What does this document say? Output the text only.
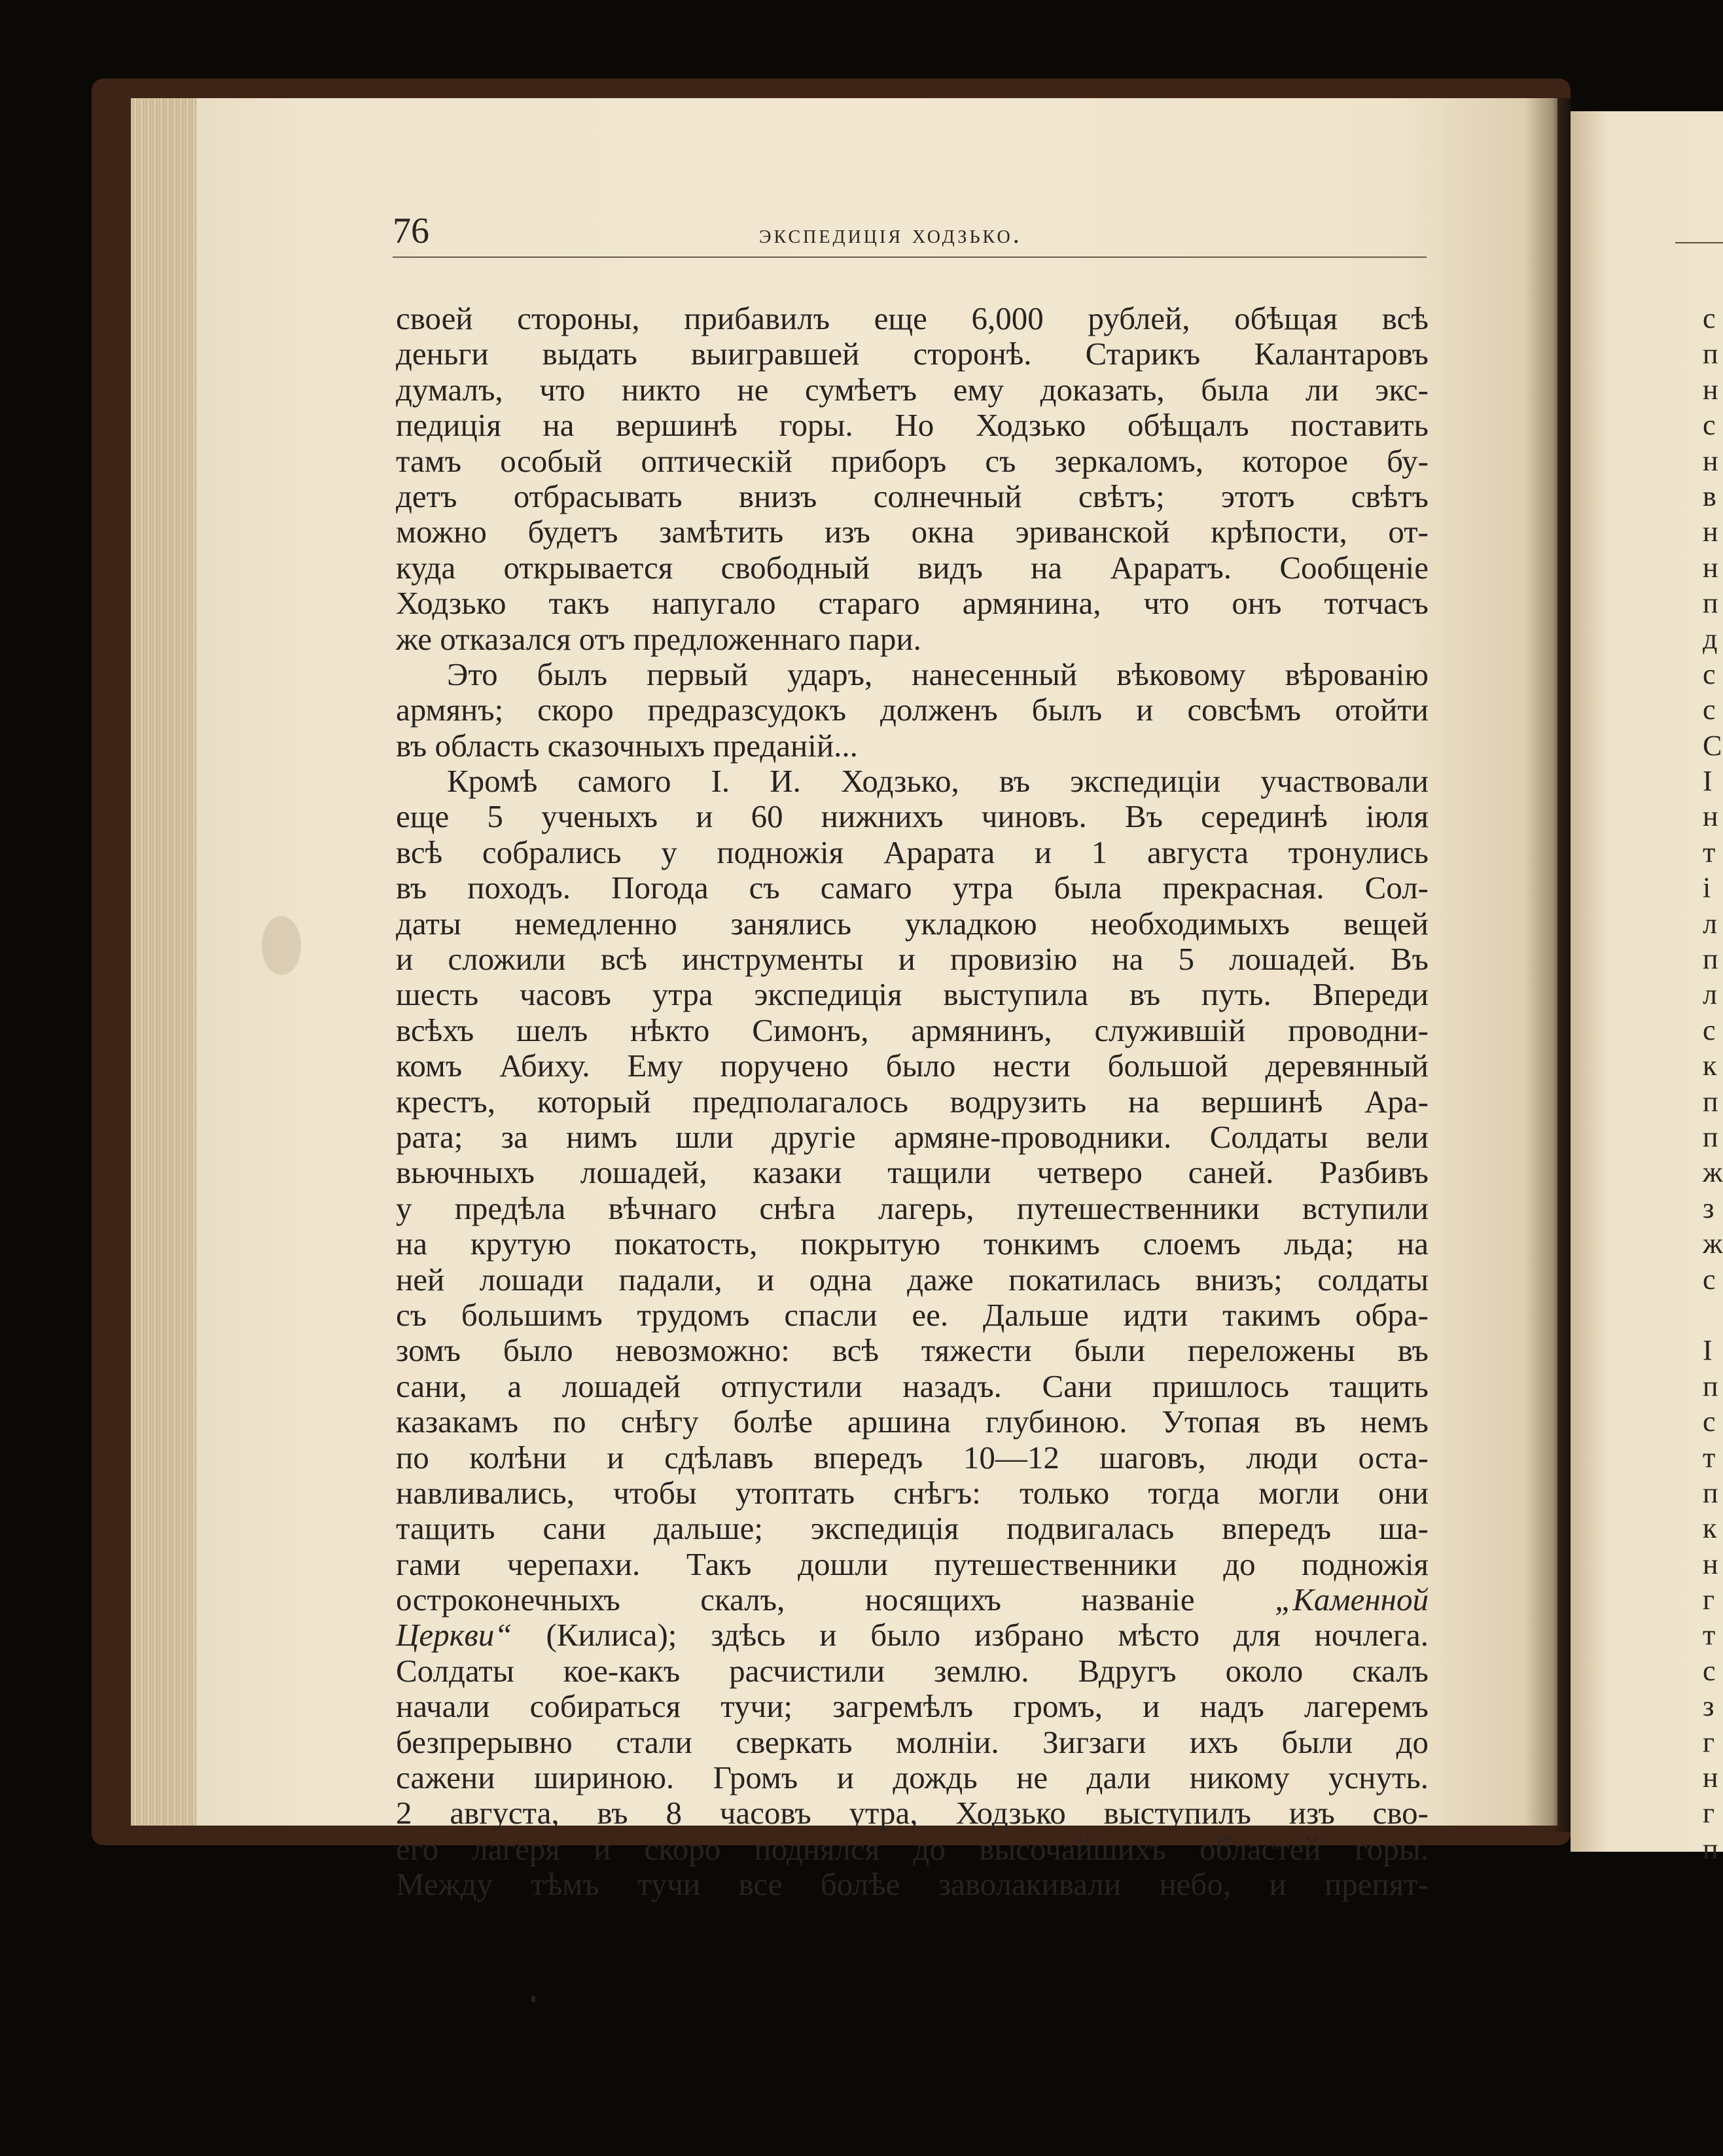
с
п
н
с
н
в
н
н
п
д
с
с
С
І
н
т
і
л
п
л
с
к
п
п
ж
з
ж
с
І
п
с
т
п
к
н
г
т
с
з
г
н
г
п
76	экспедиція ходзько.
своей стороны, прибавилъ еще 6,000 рублей, обѣщая всѣ
деньги выдать выигравшей сторонѣ. Старикъ Калантаровъ
думалъ, что никто не сумѣетъ ему доказать, была ли экс-
педиція на вершинѣ горы. Но Ходзько обѣщалъ поставить
тамъ особый оптическій приборъ съ зеркаломъ, которое бу-
детъ отбрасывать внизъ солнечный свѣтъ; этотъ свѣтъ
можно будетъ замѣтить изъ окна эриванской крѣпости, от-
куда открывается свободный видъ на Араратъ. Сообщеніе
Ходзько такъ напугало стараго армянина, что онъ тотчасъ
же отказался отъ предложеннаго пари.
Это былъ первый ударъ, нанесенный вѣковому вѣрованію
армянъ; скоро предразсудокъ долженъ былъ и совсѣмъ отойти
въ область сказочныхъ преданій...
Кромѣ самого I. И. Ходзько, въ экспедиціи участвовали
еще 5 ученыхъ и 60 нижнихъ чиновъ. Въ серединѣ іюля
всѣ собрались у подножія Арарата и 1 августа тронулись
въ походъ. Погода съ самаго утра была прекрасная. Сол-
даты немедленно занялись укладкою необходимыхъ вещей
и сложили всѣ инструменты и провизію на 5 лошадей. Въ
шесть часовъ утра экспедиція выступила въ путь. Впереди
всѣхъ шелъ нѣкто Симонъ, армянинъ, служившій проводни-
комъ Абиху. Ему поручено было нести большой деревянный
крестъ, который предполагалось водрузить на вершинѣ Ара-
рата; за нимъ шли другіе армяне-проводники. Солдаты вели
вьючныхъ лошадей, казаки тащили четверо саней. Разбивъ
у предѣла вѣчнаго снѣга лагерь, путешественники вступили
на крутую покатость, покрытую тонкимъ слоемъ льда; на
ней лошади падали, и одна даже покатилась внизъ; солдаты
съ большимъ трудомъ спасли ее. Дальше идти такимъ обра-
зомъ было невозможно: всѣ тяжести были переложены въ
сани, а лошадей отпустили назадъ. Сани пришлось тащить
казакамъ по снѣгу болѣе аршина глубиною. Утопая въ немъ
по колѣни и сдѣлавъ впередъ 10—12 шаговъ, люди оста-
навливались, чтобы утоптать снѣгъ: только тогда могли они
тащить сани дальше; экспедиція подвигалась впередъ ша-
гами черепахи. Такъ дошли путешественники до подножія
остроконечныхъ скалъ, носящихъ названіе „Каменной
Церкви“ (Килиса); здѣсь и было избрано мѣсто для ночлега.
Солдаты кое-какъ расчистили землю. Вдругъ около скалъ
начали собираться тучи; загремѣлъ громъ, и надъ лагеремъ
безпрерывно стали сверкать молніи. Зигзаги ихъ были до
сажени шириною. Громъ и дождь не дали никому уснуть.
2 августа, въ 8 часовъ утра, Ходзько выступилъ изъ сво-
его лагеря и скоро поднялся до высочайшихъ областей горы.
Между тѣмъ тучи все болѣе заволакивали небо, и препят-
